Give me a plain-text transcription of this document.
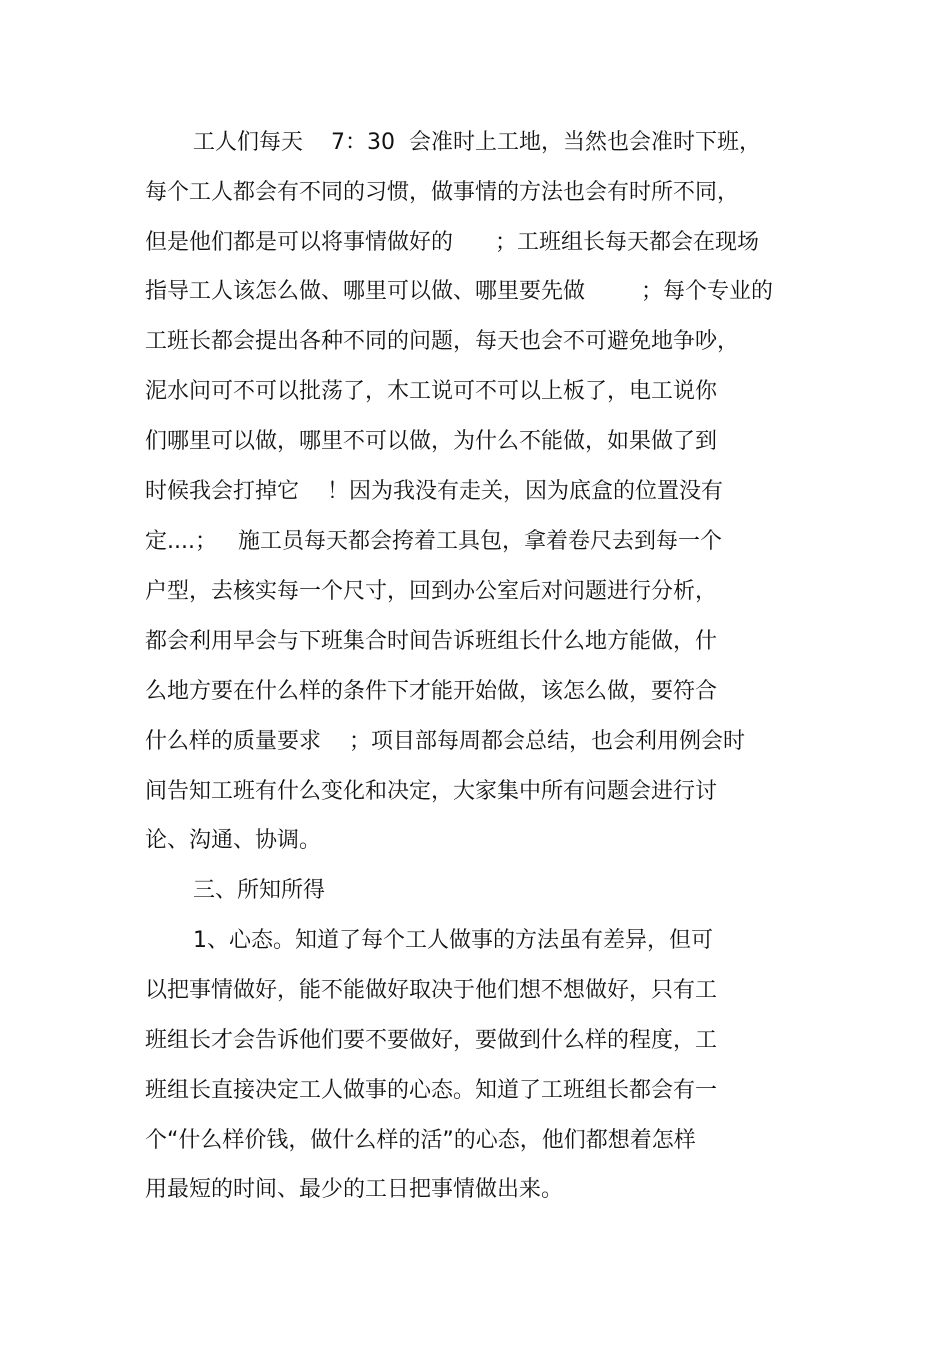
工人们每天    7：30  会准时上工地，当然也会准时下班，
每个工人都会有不同的习惯，做事情的方法也会有时所不同，
但是他们都是可以将事情做好的      ；工班组长每天都会在现场
指导工人该怎么做、哪里可以做、哪里要先做        ；每个专业的
工班长都会提出各种不同的问题，每天也会不可避免地争吵，
泥水问可不可以批荡了，木工说可不可以上板了，电工说你
们哪里可以做，哪里不可以做，为什么不能做，如果做了到
时候我会打掉它    ！因为我没有走关，因为底盒的位置没有
定....；   施工员每天都会挎着工具包，拿着卷尺去到每一个
户型，去核实每一个尺寸，回到办公室后对问题进行分析，
都会利用早会与下班集合时间告诉班组长什么地方能做，什
么地方要在什么样的条件下才能开始做，该怎么做，要符合
什么样的质量要求    ；项目部每周都会总结，也会利用例会时
间告知工班有什么变化和决定，大家集中所有问题会进行讨
论、沟通、协调。
三、所知所得
1、心态。知道了每个工人做事的方法虽有差异，但可
以把事情做好，能不能做好取决于他们想不想做好，只有工
班组长才会告诉他们要不要做好，要做到什么样的程度，工
班组长直接决定工人做事的心态。知道了工班组长都会有一
个“什么样价钱，做什么样的活”的心态，他们都想着怎样
用最短的时间、最少的工日把事情做出来。
